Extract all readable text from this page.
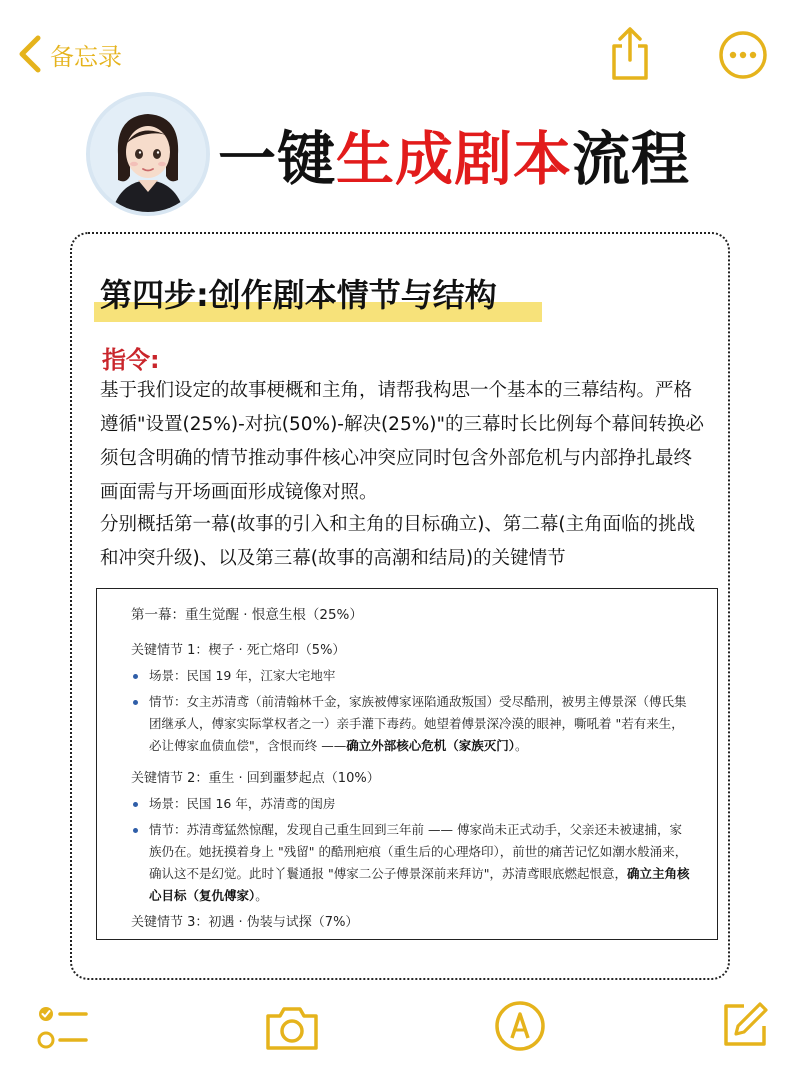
备忘录
一键生成剧本流程
第四步:创作剧本情节与结构
指令:
基于我们设定的故事梗概和主角，请帮我构思一个基本的三幕结构。严格遵循"设置(25%)-对抗(50%)-解决(25%)"的三幕时长比例每个幕间转换必须包含明确的情节推动事件核心冲突应同时包含外部危机与内部挣扎最终画面需与开场画面形成镜像对照。
分别概括第一幕(故事的引入和主角的目标确立)、第二幕(主角面临的挑战和冲突升级)、以及第三幕(故事的高潮和结局)的关键情节
第一幕：重生觉醒 · 恨意生根（25%）
关键情节 1：楔子 · 死亡烙印（5%）
场景：民国 19 年，江家大宅地牢
情节：女主苏清鸢（前清翰林千金，家族被傅家诬陷通敌叛国）受尽酷刑，被男主傅景深（傅氏集团继承人，傅家实际掌权者之一）亲手灌下毒药。她望着傅景深冷漠的眼神，嘶吼着 "若有来生，必让傅家血债血偿"，含恨而终 ——确立外部核心危机（家族灭门）。
关键情节 2：重生 · 回到噩梦起点（10%）
场景：民国 16 年，苏清鸢的闺房
情节：苏清鸢猛然惊醒，发现自己重生回到三年前 —— 傅家尚未正式动手，父亲还未被逮捕，家族仍在。她抚摸着身上 "残留" 的酷刑疤痕（重生后的心理烙印），前世的痛苦记忆如潮水般涌来，确认这不是幻觉。此时丫鬟通报 "傅家二公子傅景深前来拜访"，苏清鸢眼底燃起恨意，确立主角核心目标（复仇傅家）。
关键情节 3：初遇 · 伪装与试探（7%）
